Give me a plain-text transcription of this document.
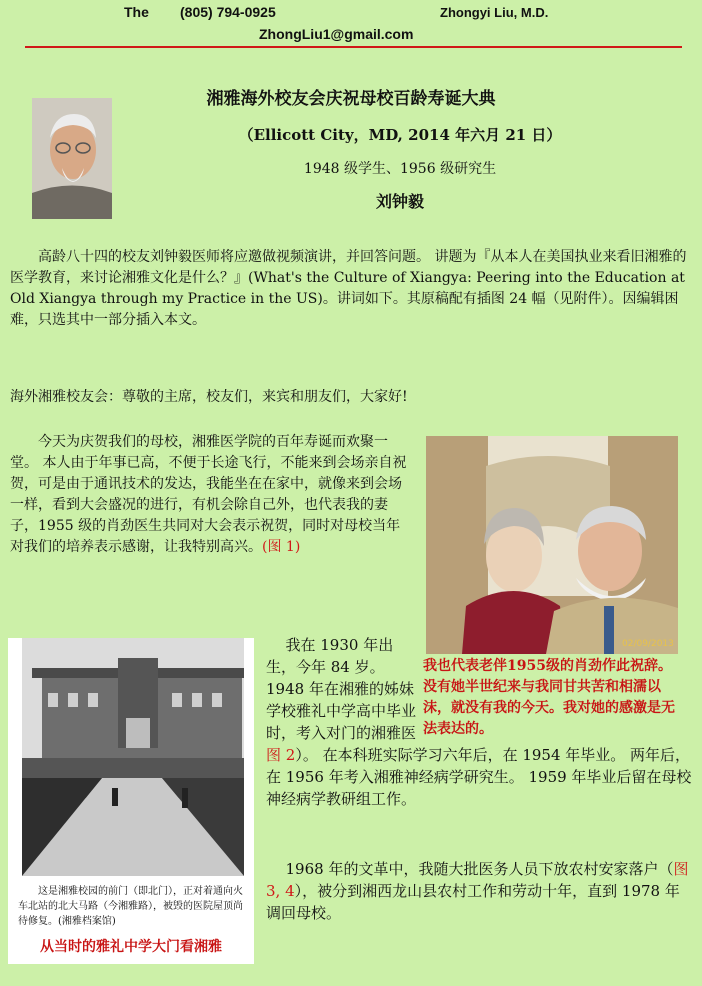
The (805) 794-0925	Zhongyi Liu, M.D.
ZhongLiu1@gmail.com
湘雅海外校友会庆祝母校百龄寿诞大典
（Ellicott City，MD, 2014 年六月 21 日）
1948 级学生、1956 级研究生
刘钟毅
高龄八十四的校友刘钟毅医师将应邀做视频演讲，并回答问题。 讲题为『从本人在美国执业来看旧湘雅的医学教育，来讨论湘雅文化是什么？』(What's the Culture of Xiangya: Peering into the Education at Old Xiangya through my Practice in the US)。讲词如下。其原稿配有插图 24 幅（见附件）。因编辑困难，只选其中一部分插入本文。
海外湘雅校友会：尊敬的主席，校友们，来宾和朋友们，大家好!
今天为庆贺我们的母校，湘雅医学院的百年寿诞而欢聚一堂。 本人由于年事已高，不便于长途飞行，不能来到会场亲自祝贺，可是由于通讯技术的发达，我能坐在在家中，就像来到会场一样，看到大会盛况的进行，有机会除自己外，也代表我的妻子，1955 级的肖劲医生共同对大会表示祝贺，同时对母校当年对我们的培养表示感谢，让我特别高兴。(图 1)
02/09/2013
我也代表老伴1955级的肖劲作此祝辞。没有她半世纪来与我同甘共苦和相濡以沫，就没有我的今天。我对她的感激是无法表达的。
这是湘雅校园的前门（即北门），正对着通向火车北站的北大马路（今湘雅路），被毁的医院屋顶尚待修复。(湘雅档案馆)
从当时的雅礼中学大门看湘雅
我在 1930 年出生，今年 84 岁。 1948 年在湘雅的姊妹学校雅礼中学高中毕业时，考入对门的湘雅医
图 2）。 在本科班实际学习六年后，在 1954 年毕业。 两年后，在 1956 年考入湘雅神经病学研究生。 1959 年毕业后留在母校神经病学教研组工作。
1968 年的文革中，我随大批医务人员下放农村安家落户（图 3, 4），被分到湘西龙山县农村工作和劳动十年，直到 1978 年调回母校。
